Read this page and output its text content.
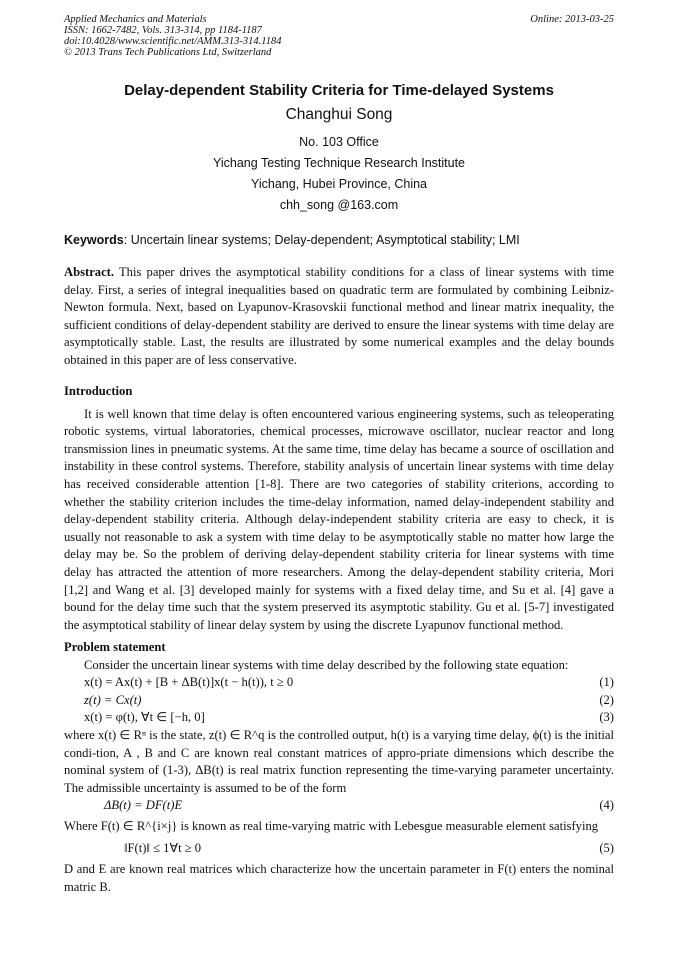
Applied Mechanics and Materials
ISSN: 1662-7482, Vols. 313-314, pp 1184-1187
doi:10.4028/www.scientific.net/AMM.313-314.1184
© 2013 Trans Tech Publications Ltd, Switzerland
Online: 2013-03-25
Delay-dependent Stability Criteria for Time-delayed Systems
Changhui Song
No. 103 Office
Yichang Testing Technique Research Institute
Yichang, Hubei Province, China
chh_song @163.com
Keywords: Uncertain linear systems; Delay-dependent; Asymptotical stability; LMI

Abstract. This paper drives the asymptotical stability conditions for a class of linear systems with time delay. First, a series of integral inequalities based on quadratic term are formulated by combining Leibniz-Newton formula. Next, based on Lyapunov-Krasovskii functional method and linear matrix inequality, the sufficient conditions of delay-dependent stability are derived to ensure the linear systems with time delay are asymptotically stable. Last, the results are illustrated by some numerical examples and the delay bounds obtained in this paper are of less conservative.

Introduction

It is well known that time delay is often encountered various engineering systems, such as teleoperating robotic systems, virtual laboratories, chemical processes, microwave oscillator, nuclear reactor and long transmission lines in pneumatic systems. At the same time, time delay has became a source of oscillation and instability in these control systems. Therefore, stability analysis of uncertain linear systems with time delay has received considerable attention [1-8]. There are two categories of stability criterions, according to whether the stability criterion includes the time-delay information, named delay-independent stability and delay-dependent stability criteria. Although delay-independent stability criteria are easy to check, it is usually not reasonable to ask a system with time delay to be asymptotically stable no matter how large the delay may be. So the problem of deriving delay-dependent stability criteria for linear systems with time delay has attracted the attention of more researchers. Among the delay-dependent stability criteria, Mori [1,2] and Wang et al. [3] developed mainly for systems with a fixed delay time, and Su et al. [4] gave a bound for the delay time such that the system preserved its asymptotic stability. Gu et al. [5-7] investigated the asymptotical stability of linear delay system by using the discrete Lyapunov functional method.

Problem statement

Consider the uncertain linear systems with time delay described by the following state equation:

x(t) = Ax(t) + [B + ΔB(t)]x(t − h(t)), t ≥ 0	(1)
z(t) = Cx(t)	(2)
x(t) = φ(t), ∀t ∈ [−h, 0]	(3)

where x(t) ∈ Rⁿ is the state, z(t) ∈ R^q is the controlled output, h(t) is a varying time delay, ϕ(t) is the initial condi-tion, A , B and C are known real constant matrices of appro-priate dimensions which describe the nominal system of (1-3), ΔB(t) is real matrix function representing the time-varying parameter uncertainty. The admissible uncertainty is assumed to be of the form

ΔB(t) = DF(t)E	(4)

Where F(t) ∈ R^{i×j} is known as real time-varying matric with Lebesgue measurable element satisfying

‖F(t)‖ ≤ 1∀t ≥ 0	(5)

D and E are known real matrices which characterize how the uncertain parameter in F(t) enters the nominal matric B.
